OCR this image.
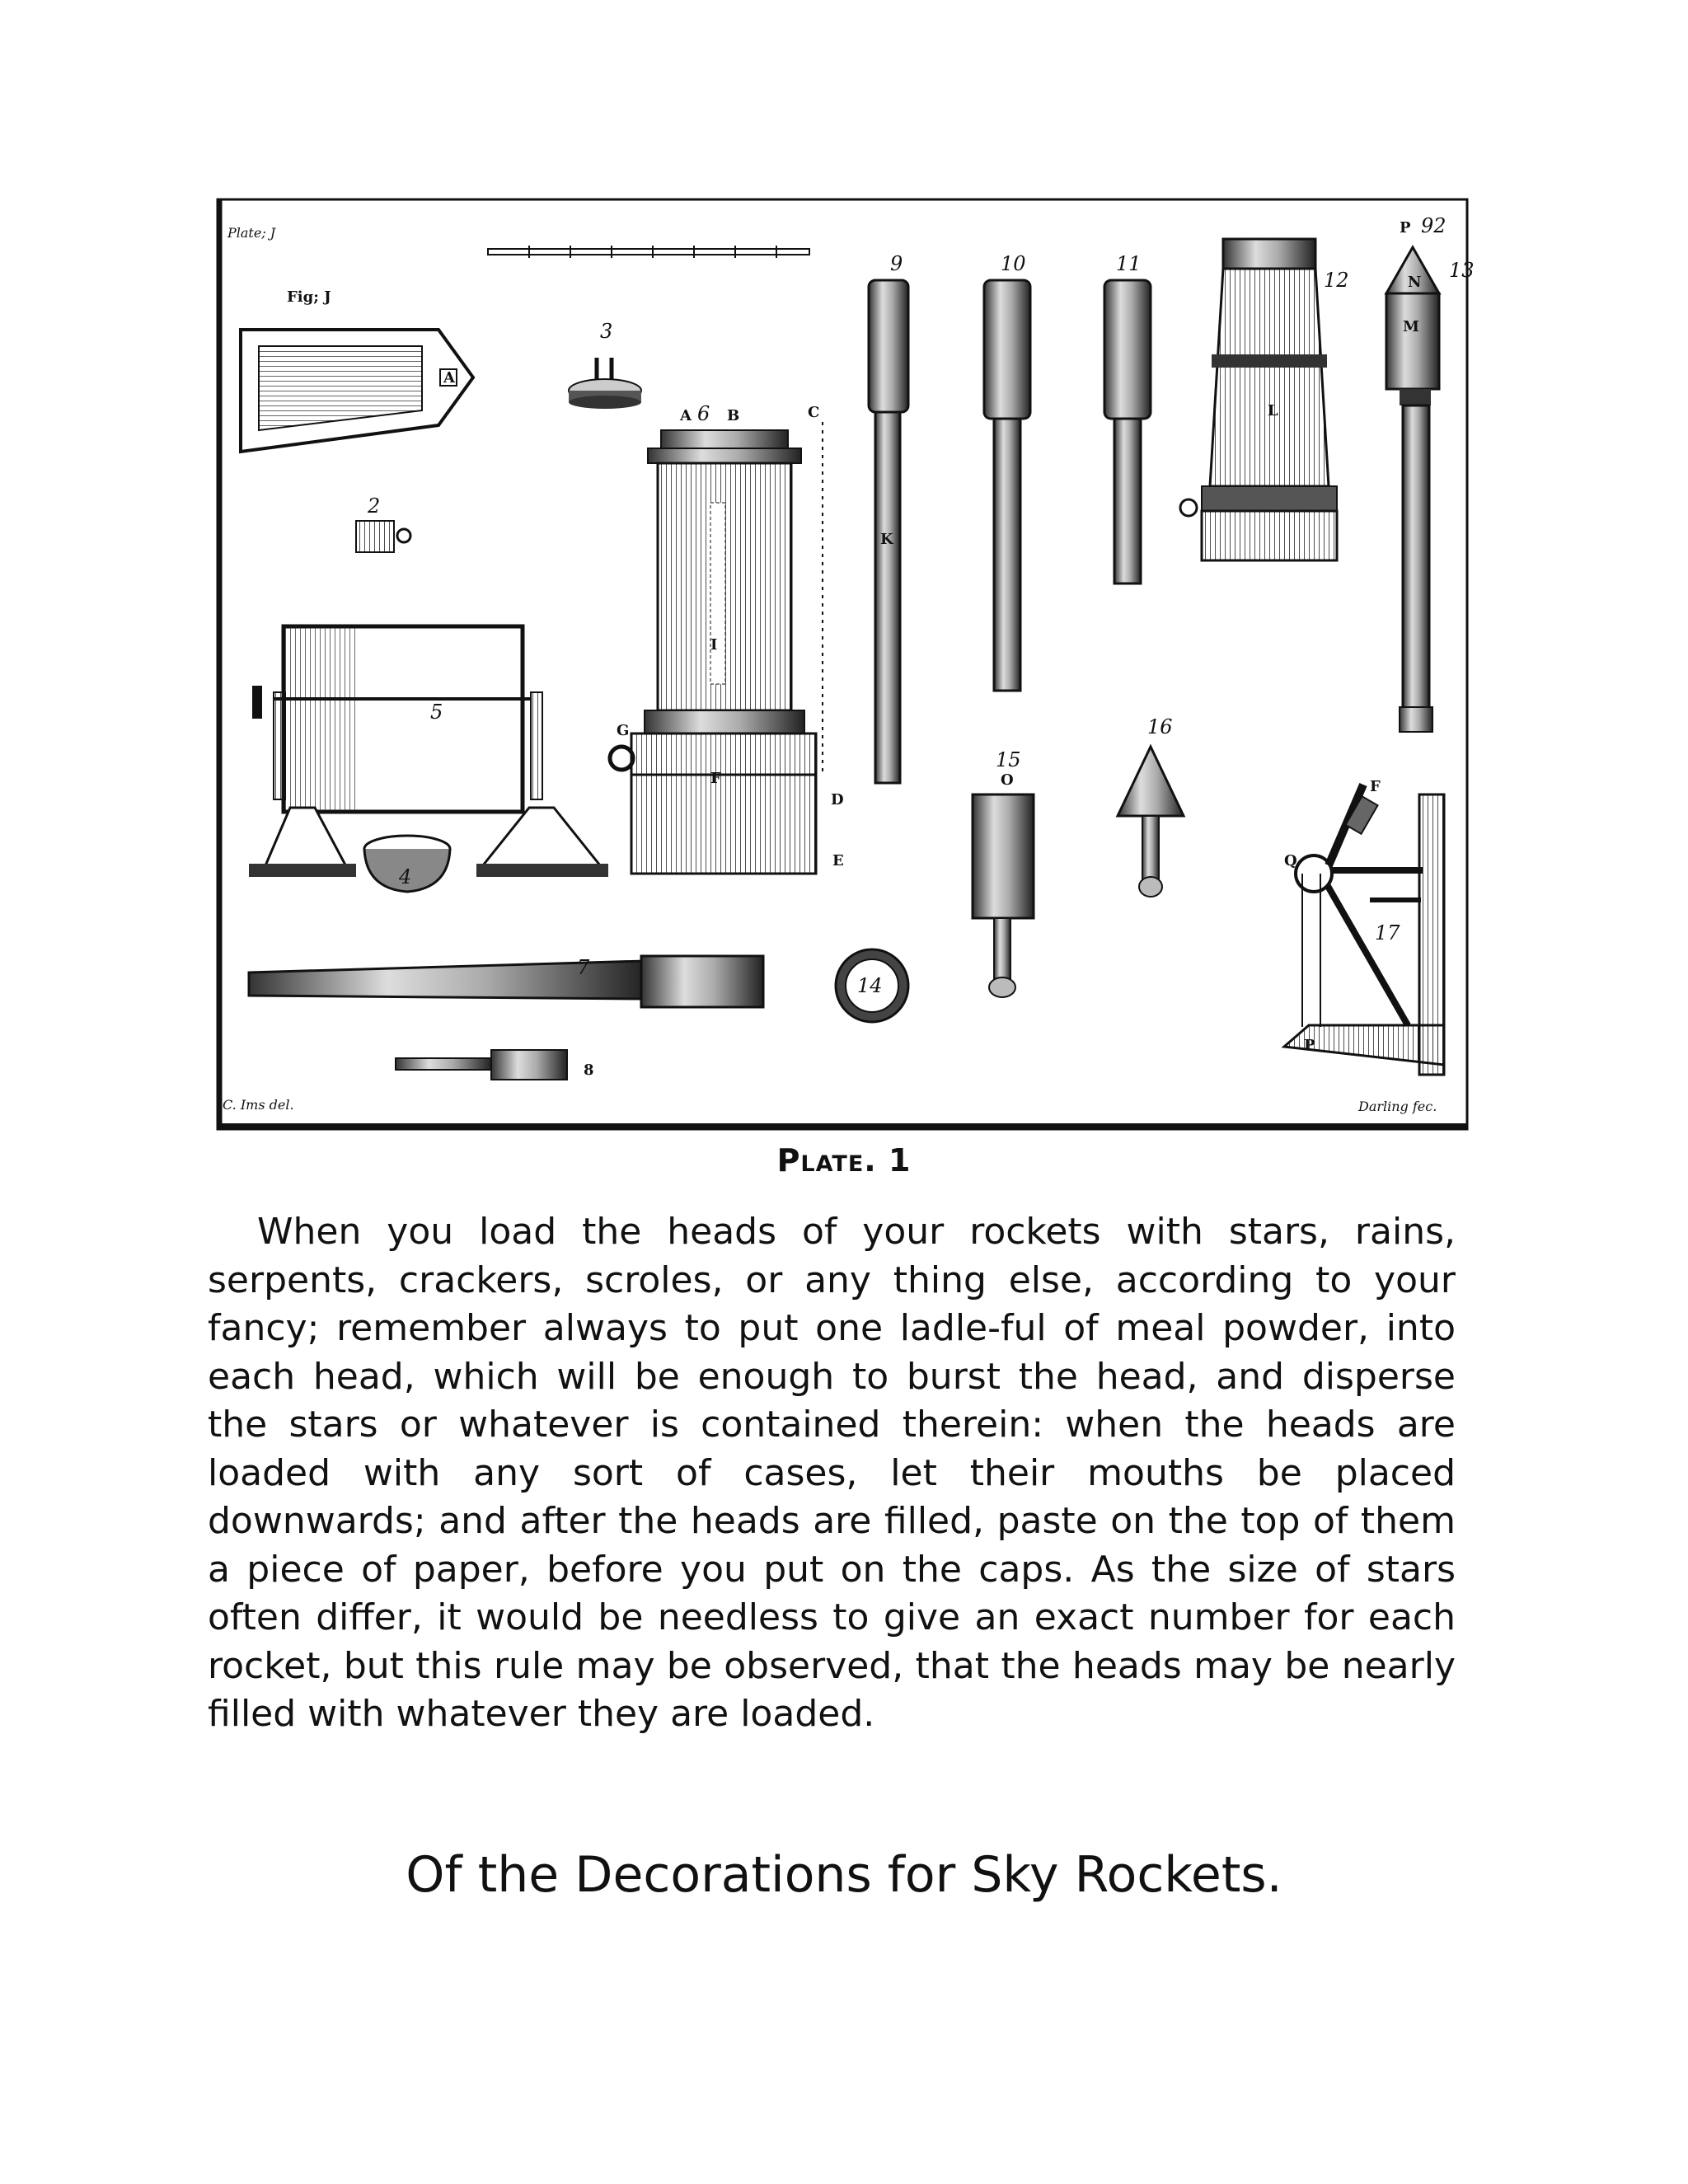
Plate; J
Fig; J
A
2
3
5
4
6
A B	C
I
G
D
E
7
8
9
K
10	11
12
L
P 92
13
N
M
14
15
O
16
F
Q
P
17
C. Ims del.	Darling fec.
Plate. 1

When you load the heads of your rockets with stars, rains, serpents, crackers, scroles, or any thing else, according to your fancy; remember always to put one ladle-ful of meal powder, into each head, which will be enough to burst the head, and disperse the stars or whatever is contained therein: when the heads are loaded with any sort of cases, let their mouths be placed downwards; and after the heads are filled, paste on the top of them a piece of paper, before you put on the caps. As the size of stars often differ, it would be needless to give an exact number for each rocket, but this rule may be observed, that the heads may be nearly filled with whatever they are loaded.

Of the Decorations for Sky Rockets.
